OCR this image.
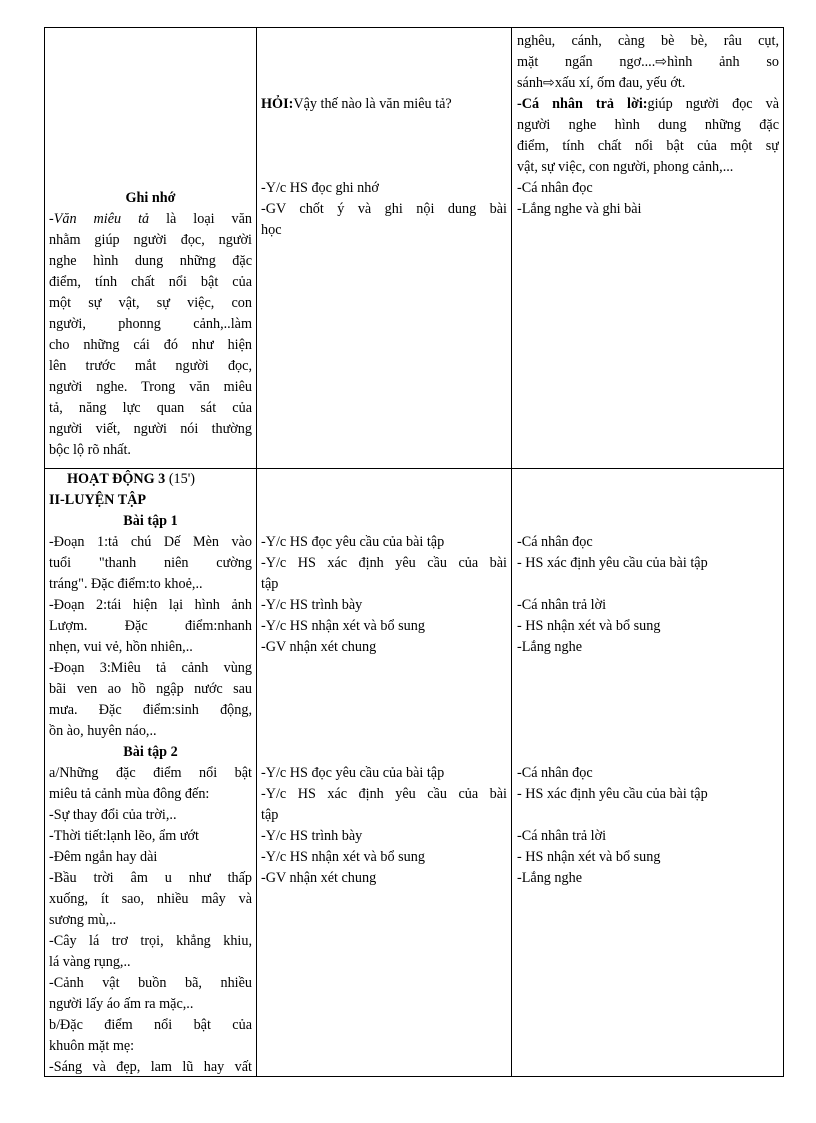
Ghi nhớ
-Văn miêu tả là loại văn
nhằm giúp người đọc, người
nghe hình dung những đặc
điểm, tính chất nổi bật của
một sự vật, sự việc, con
người, phonng cảnh,..làm
cho những cái đó như hiện
lên trước mắt người đọc,
người nghe. Trong văn miêu
tả, năng lực quan sát của
người viết, người nói thường
bộc lộ rõ nhất.
HỎI:Vậy thế nào là văn miêu tả?
-Y/c HS đọc ghi nhớ
-GV chốt ý và ghi nội dung bài
học
nghêu, cánh, càng bè bè, râu cụt,
mặt ngẩn ngơ....⇨hình ảnh so
sánh⇨xấu xí, ốm đau, yếu ớt.
-Cá nhân trả lời:giúp người đọc và
người nghe hình dung những đặc
điểm, tính chất nổi bật của một sự
vật, sự việc, con người, phong cảnh,...
-Cá nhân đọc
-Lắng nghe và ghi bài
HOẠT ĐỘNG 3 (15')
II-LUYỆN TẬP
Bài tập 1
-Đoạn 1:tả chú Dế Mèn vào
tuổi "thanh niên cường
tráng". Đặc điểm:to khoẻ,..
-Đoạn 2:tái hiện lại hình ảnh
Lượm. Đặc điểm:nhanh
nhẹn, vui vẻ, hồn nhiên,..
-Đoạn 3:Miêu tả cảnh vùng
bãi ven ao hồ ngập nước sau
mưa. Đặc điểm:sinh động,
ồn ào, huyên náo,..
Bài tập 2
a/Những đặc điểm nổi bật
miêu tả cảnh mùa đông đến:
-Sự thay đổi của trời,..
-Thời tiết:lạnh lẽo, ẩm ướt
-Đêm ngắn hay dài
-Bầu trời âm u như thấp
xuống, ít sao, nhiều mây và
sương mù,..
-Cây lá trơ trọi, khẳng khiu,
lá vàng rụng,..
-Cảnh vật buồn bã, nhiều
người lấy áo ấm ra mặc,..
b/Đặc điểm nổi bật của
khuôn mặt mẹ:
-Sáng và đẹp, lam lũ hay vất
-Y/c HS đọc yêu cầu của bài tập
-Y/c HS xác định yêu cầu của bài
tập
-Y/c HS trình bày
-Y/c HS nhận xét và bổ sung
-GV nhận xét chung
-Cá nhân đọc
- HS xác định yêu cầu của bài tập
-Cá nhân trả lời
- HS nhận xét và bổ sung
-Lắng nghe
-Y/c HS đọc yêu cầu của bài tập
-Y/c HS xác định yêu cầu của bài
tập
-Y/c HS trình bày
-Y/c HS nhận xét và bổ sung
-GV nhận xét chung
-Cá nhân đọc
- HS xác định yêu cầu của bài tập
-Cá nhân trả lời
- HS nhận xét và bổ sung
-Lắng nghe
